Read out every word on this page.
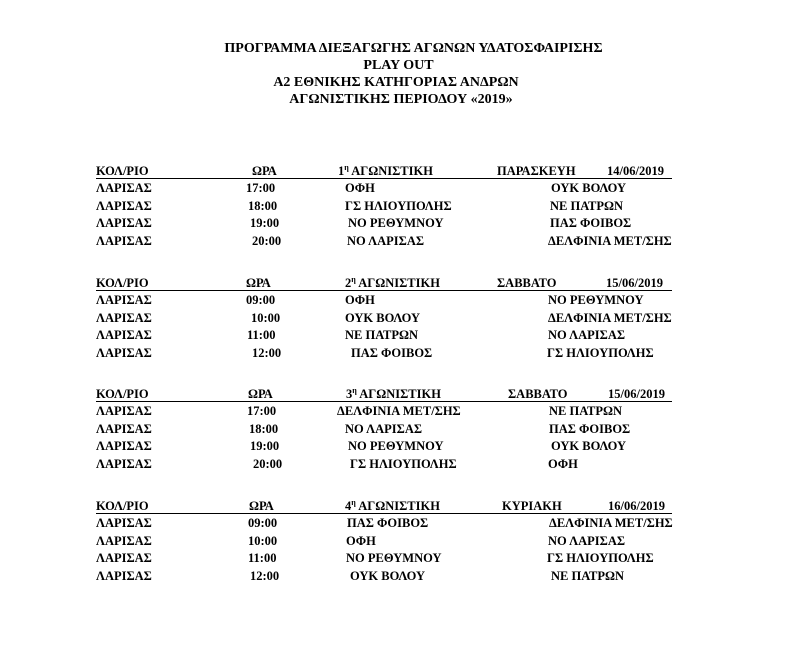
ΠΡΟΓΡΑΜΜΑ ΔΙΕΞΑΓΩΓΗΣ ΑΓΩΝΩΝ ΥΔΑΤΟΣΦΑΙΡΙΣΗΣ
PLAY OUT
Α2 ΕΘΝΙΚΗΣ ΚΑΤΗΓΟΡΙΑΣ ΑΝΔΡΩΝ
ΑΓΩΝΙΣΤΙΚΗΣ ΠΕΡΙΟΔΟΥ «2019»
ΚΟΛ/ΡΙΟ	ΩΡΑ	$1^\eta$ ΑΓΩΝΙΣΤΙΚΗ	ΠΑΡΑΣΚΕΥΗ	14/06/2019
ΛΑΡΙΣΑΣ	17:00	ΟΦΗ	ΟΥΚ ΒΟΛΟΥ
ΛΑΡΙΣΑΣ	18:00	ΓΣ ΗΛΙΟΥΠΟΛΗΣ	ΝΕ ΠΑΤΡΩΝ
ΛΑΡΙΣΑΣ	19:00	ΝΟ ΡΕΘΥΜΝΟΥ	ΠΑΣ ΦΟΙΒΟΣ
ΛΑΡΙΣΑΣ	20:00	ΝΟ ΛΑΡΙΣΑΣ	ΔΕΛΦΙΝΙΑ ΜΕΤ/ΣΗΣ
ΚΟΛ/ΡΙΟ	ΩΡΑ	$2^\eta$ ΑΓΩΝΙΣΤΙΚΗ	ΣΑΒΒΑΤΟ	15/06/2019
ΛΑΡΙΣΑΣ	09:00	ΟΦΗ	ΝΟ ΡΕΘΥΜΝΟΥ
ΛΑΡΙΣΑΣ	10:00	ΟΥΚ ΒΟΛΟΥ	ΔΕΛΦΙΝΙΑ ΜΕΤ/ΣΗΣ
ΛΑΡΙΣΑΣ	11:00	ΝΕ ΠΑΤΡΩΝ	ΝΟ ΛΑΡΙΣΑΣ
ΛΑΡΙΣΑΣ	12:00	ΠΑΣ ΦΟΙΒΟΣ	ΓΣ ΗΛΙΟΥΠΟΛΗΣ
ΚΟΛ/ΡΙΟ	ΩΡΑ	$3^\eta$ ΑΓΩΝΙΣΤΙΚΗ	ΣΑΒΒΑΤΟ	15/06/2019
ΛΑΡΙΣΑΣ	17:00	ΔΕΛΦΙΝΙΑ ΜΕΤ/ΣΗΣ	ΝΕ ΠΑΤΡΩΝ
ΛΑΡΙΣΑΣ	18:00	ΝΟ ΛΑΡΙΣΑΣ	ΠΑΣ ΦΟΙΒΟΣ
ΛΑΡΙΣΑΣ	19:00	ΝΟ ΡΕΘΥΜΝΟΥ	ΟΥΚ ΒΟΛΟΥ
ΛΑΡΙΣΑΣ	20:00	ΓΣ ΗΛΙΟΥΠΟΛΗΣ	ΟΦΗ
ΚΟΛ/ΡΙΟ	ΩΡΑ	$4^\eta$ ΑΓΩΝΙΣΤΙΚΗ	ΚΥΡΙΑΚΗ	16/06/2019
ΛΑΡΙΣΑΣ	09:00	ΠΑΣ ΦΟΙΒΟΣ	ΔΕΛΦΙΝΙΑ ΜΕΤ/ΣΗΣ
ΛΑΡΙΣΑΣ	10:00	ΟΦΗ	ΝΟ ΛΑΡΙΣΑΣ
ΛΑΡΙΣΑΣ	11:00	ΝΟ ΡΕΘΥΜΝΟΥ	ΓΣ ΗΛΙΟΥΠΟΛΗΣ
ΛΑΡΙΣΑΣ	12:00	ΟΥΚ ΒΟΛΟΥ	ΝΕ ΠΑΤΡΩΝ
